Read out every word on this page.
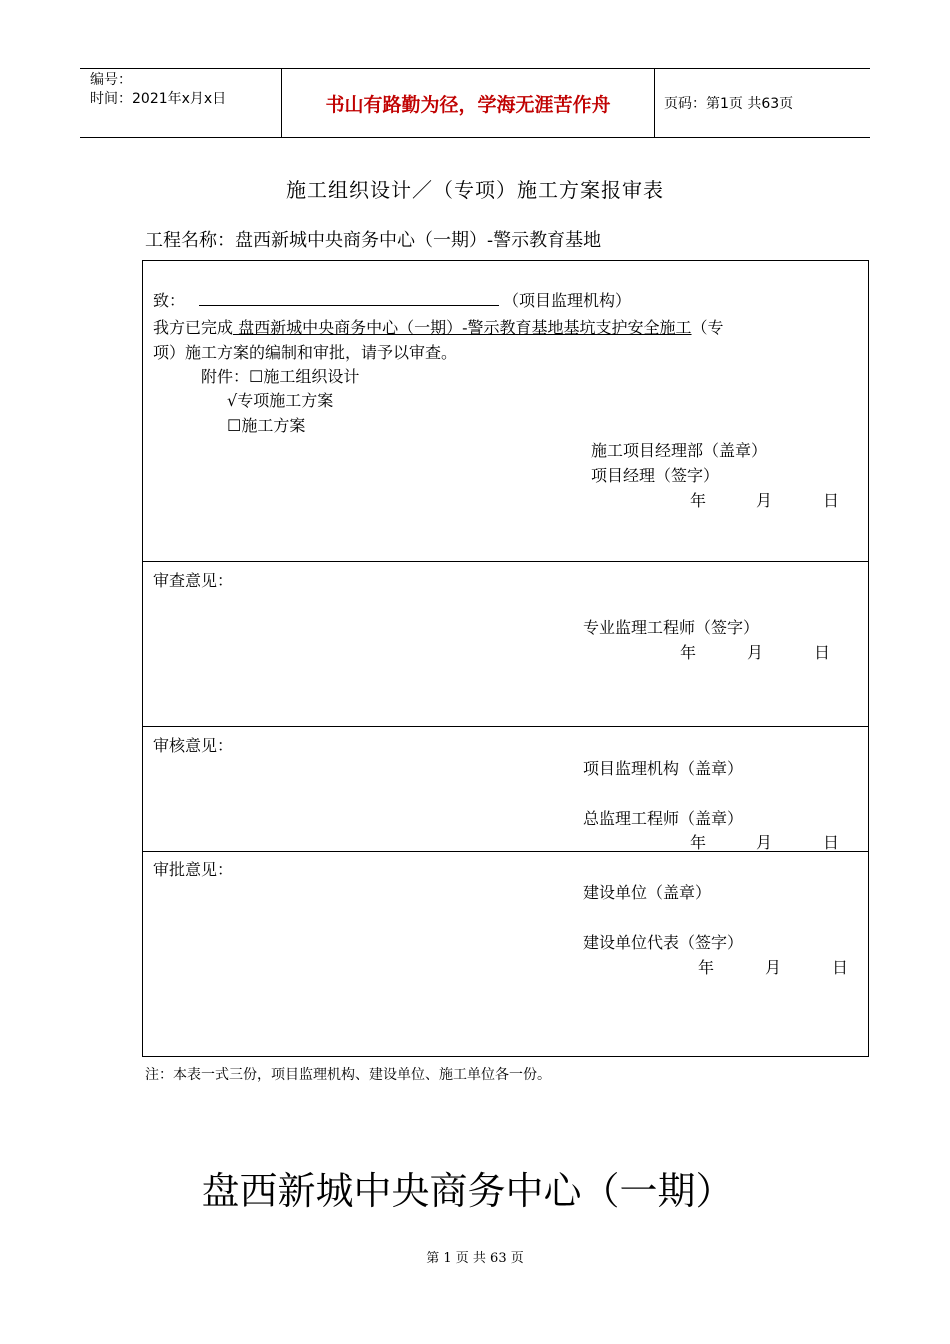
编号：
时间：2021年x月x日	书山有路勤为径，学海无涯苦作舟	页码：第1页 共63页
施工组织设计／（专项）施工方案报审表
工程名称：盘西新城中央商务中心（一期）-警示教育基地
致：	（项目监理机构）
我方已完成 盘西新城中央商务中心（一期）-警示教育基地基坑支护安全施工（专
项）施工方案的编制和审批，请予以审查。
附件：☐施工组织设计
√专项施工方案
☐施工方案
施工项目经理部（盖章）
项目经理（签字）
年	月	日
审查意见：
专业监理工程师（签字）
年	月	日
审核意见：
项目监理机构（盖章）
总监理工程师（盖章）
年	月	日
审批意见：
建设单位（盖章）
建设单位代表（签字）
年	月	日
注：本表一式三份，项目监理机构、建设单位、施工单位各一份。
盘西新城中央商务中心（一期）
第 1 页 共 63 页
